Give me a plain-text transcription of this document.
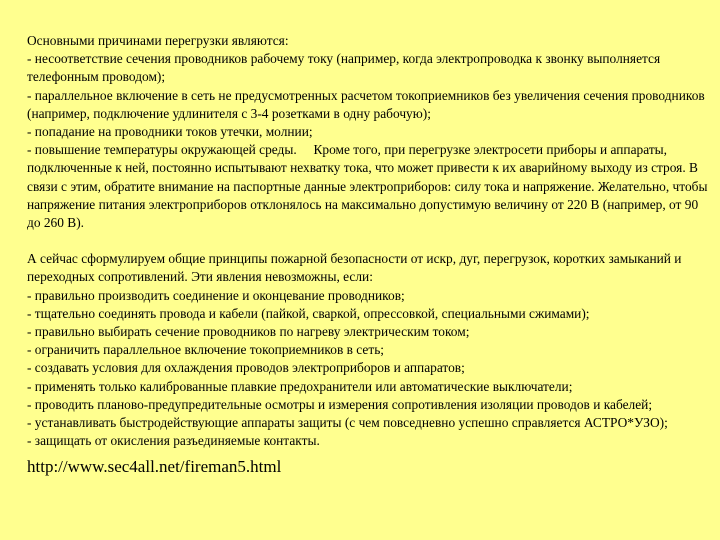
Основными причинами перегрузки являются:
- несоответствие сечения проводников рабочему току (например, когда электропроводка к звонку выполняется телефонным проводом);
- параллельное включение в сеть не предусмотренных расчетом токоприемников без увеличения сечения проводников (например, подключение удлинителя с 3-4 розетками в одну рабочую);
- попадание на проводники токов утечки, молнии;
- повышение температуры окружающей среды.     Кроме того, при перегрузке электросети приборы и аппараты, подключенные к ней, постоянно испытывают нехватку тока, что может привести к их аварийному выходу из строя. В связи с этим, обратите внимание на паспортные данные электроприборов: силу тока и напряжение. Желательно, чтобы напряжение питания электроприборов отклонялось на максимально допустимую величину от 220 В (например, от 90 до 260 В).
А сейчас сформулируем общие принципы пожарной безопасности от искр, дуг, перегрузок, коротких замыканий и переходных сопротивлений. Эти явления невозможны, если:
- правильно производить соединение и оконцевание проводников;
- тщательно соединять провода и кабели (пайкой, сваркой, опрессовкой, специальными сжимами);
- правильно выбирать сечение проводников по нагреву электрическим током;
- ограничить параллельное включение токоприемников в сеть;
- создавать условия для охлаждения проводов электроприборов и аппаратов;
- применять только калиброванные плавкие предохранители или автоматические выключатели;
- проводить планово-предупредительные осмотры и измерения сопротивления изоляции проводов и кабелей;
- устанавливать быстродействующие аппараты защиты (с чем повседневно успешно справляется АСТРО*УЗО);
- защищать от окисления разъединяемые контакты.
http://www.sec4all.net/fireman5.html
